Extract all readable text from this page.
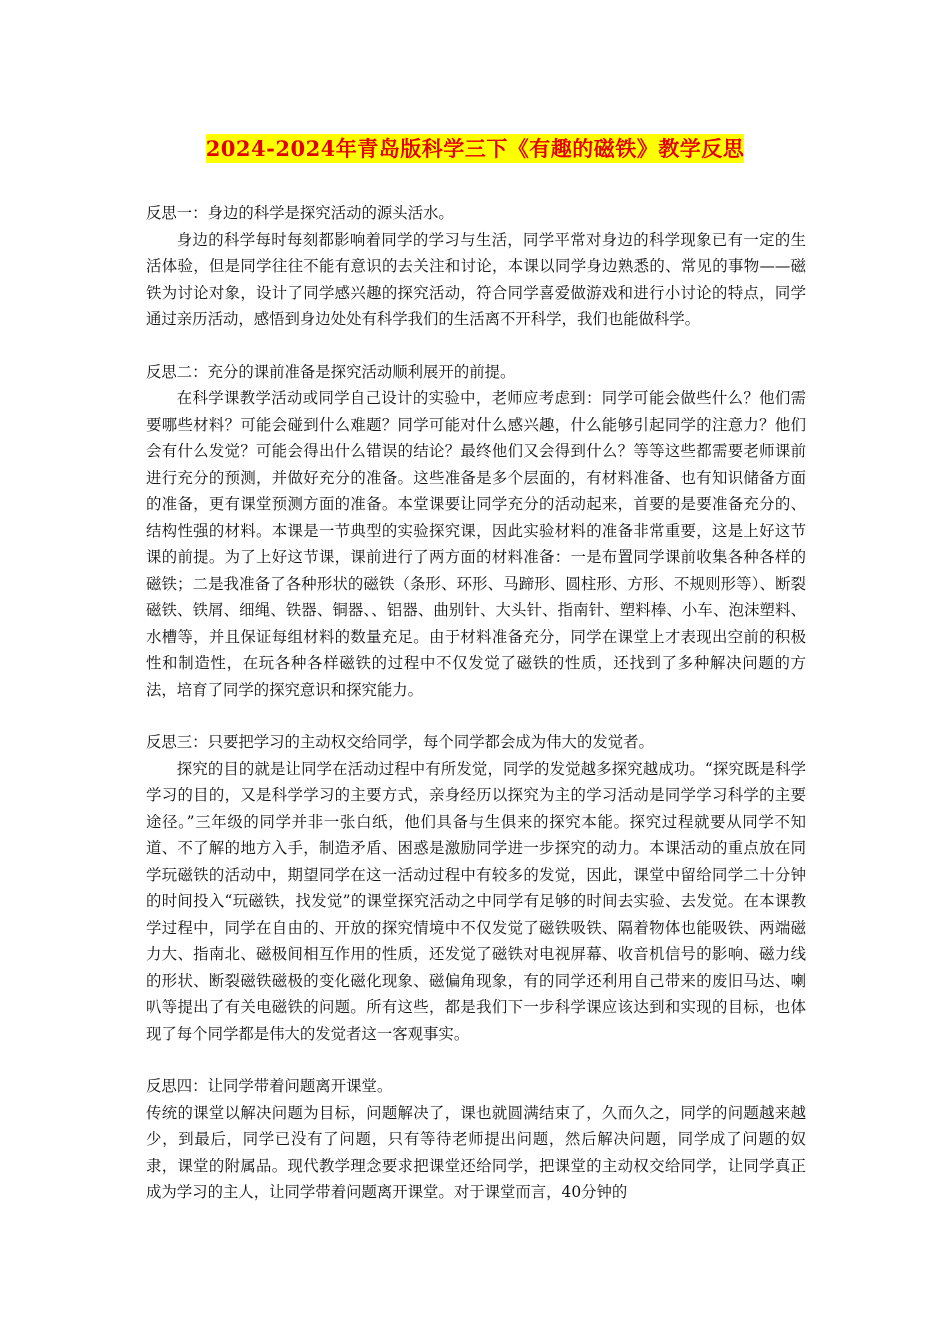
2024-2024年青岛版科学三下《有趣的磁铁》教学反思
反思一：身边的科学是探究活动的源头活水。

身边的科学每时每刻都影响着同学的学习与生活，同学平常对身边的科学现象已有一定的生活体验，但是同学往往不能有意识的去关注和讨论，本课以同学身边熟悉的、常见的事物——磁铁为讨论对象，设计了同学感兴趣的探究活动，符合同学喜爱做游戏和进行小讨论的特点，同学通过亲历活动，感悟到身边处处有科学我们的生活离不开科学，我们也能做科学。

反思二：充分的课前准备是探究活动顺利展开的前提。

在科学课教学活动或同学自己设计的实验中，老师应考虑到：同学可能会做些什么？他们需要哪些材料？可能会碰到什么难题？同学可能对什么感兴趣，什么能够引起同学的注意力？他们会有什么发觉？可能会得出什么错误的结论？最终他们又会得到什么？等等这些都需要老师课前进行充分的预测，并做好充分的准备。这些准备是多个层面的，有材料准备、也有知识储备方面的准备，更有课堂预测方面的准备。本堂课要让同学充分的活动起来，首要的是要准备充分的、结构性强的材料。本课是一节典型的实验探究课，因此实验材料的准备非常重要，这是上好这节课的前提。为了上好这节课，课前进行了两方面的材料准备：一是布置同学课前收集各种各样的磁铁；二是我准备了各种形状的磁铁（条形、环形、马蹄形、圆柱形、方形、不规则形等）、断裂磁铁、铁屑、细绳、铁器、铜器、、铝器、曲别针、大头针、指南针、塑料棒、小车、泡沫塑料、水槽等，并且保证每组材料的数量充足。由于材料准备充分，同学在课堂上才表现出空前的积极性和制造性，在玩各种各样磁铁的过程中不仅发觉了磁铁的性质，还找到了多种解决问题的方法，培育了同学的探究意识和探究能力。

反思三：只要把学习的主动权交给同学，每个同学都会成为伟大的发觉者。

探究的目的就是让同学在活动过程中有所发觉，同学的发觉越多探究越成功。“探究既是科学学习的目的，又是科学学习的主要方式，亲身经历以探究为主的学习活动是同学学习科学的主要途径。”三年级的同学并非一张白纸，他们具备与生俱来的探究本能。探究过程就要从同学不知道、不了解的地方入手，制造矛盾、困惑是激励同学进一步探究的动力。本课活动的重点放在同学玩磁铁的活动中，期望同学在这一活动过程中有较多的发觉，因此，课堂中留给同学二十分钟的时间投入“玩磁铁，找发觉”的课堂探究活动之中同学有足够的时间去实验、去发觉。在本课教学过程中，同学在自由的、开放的探究情境中不仅发觉了磁铁吸铁、隔着物体也能吸铁、两端磁力大、指南北、磁极间相互作用的性质，还发觉了磁铁对电视屏幕、收音机信号的影响、磁力线的形状、断裂磁铁磁极的变化磁化现象、磁偏角现象，有的同学还利用自己带来的废旧马达、喇叭等提出了有关电磁铁的问题。所有这些，都是我们下一步科学课应该达到和实现的目标，也体现了每个同学都是伟大的发觉者这一客观事实。

反思四：让同学带着问题离开课堂。

传统的课堂以解决问题为目标，问题解决了，课也就圆满结束了，久而久之，同学的问题越来越少，到最后，同学已没有了问题，只有等待老师提出问题，然后解决问题，同学成了问题的奴隶，课堂的附属品。现代教学理念要求把课堂还给同学，把课堂的主动权交给同学，让同学真正成为学习的主人，让同学带着问题离开课堂。对于课堂而言，40分钟的
